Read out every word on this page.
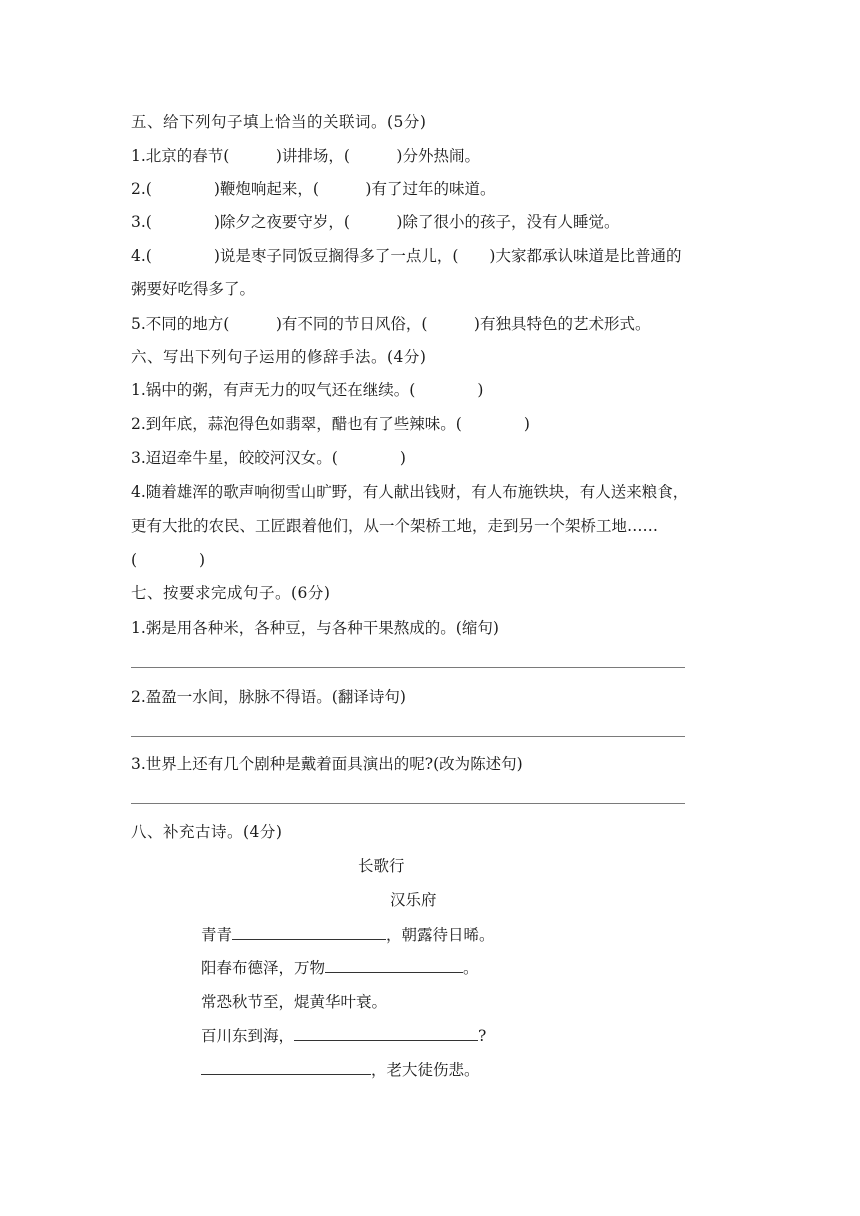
五、给下列句子填上恰当的关联词。(5分)
1.北京的春节(　　　)讲排场，(　　　)分外热闹。
2.(　　　　)鞭炮响起来，(　　　)有了过年的味道。
3.(　　　　)除夕之夜要守岁，(　　　)除了很小的孩子，没有人睡觉。
4.(　　　　)说是枣子同饭豆搁得多了一点儿，(　　)大家都承认味道是比普通的
粥要好吃得多了。
5.不同的地方(　　　)有不同的节日风俗，(　　　)有独具特色的艺术形式。
六、写出下列句子运用的修辞手法。(4分)
1.锅中的粥，有声无力的叹气还在继续。(　　　　)
2.到年底，蒜泡得色如翡翠，醋也有了些辣味。(　　　　)
3.迢迢牵牛星，皎皎河汉女。(　　　　)
4.随着雄浑的歌声响彻雪山旷野，有人献出钱财，有人布施铁块，有人送来粮食，
更有大批的农民、工匠跟着他们，从一个架桥工地，走到另一个架桥工地……
(　　　　)
七、按要求完成句子。(6分)
1.粥是用各种米，各种豆，与各种干果熬成的。(缩句)
2.盈盈一水间，脉脉不得语。(翻译诗句)
3.世界上还有几个剧种是戴着面具演出的呢?(改为陈述句)
八、补充古诗。(4分)
长歌行
汉乐府
青青	，朝露待日晞。
阳春布德泽，万物	。
常恐秋节至，焜黄华叶衰。
百川东到海，	?
，老大徒伤悲。
